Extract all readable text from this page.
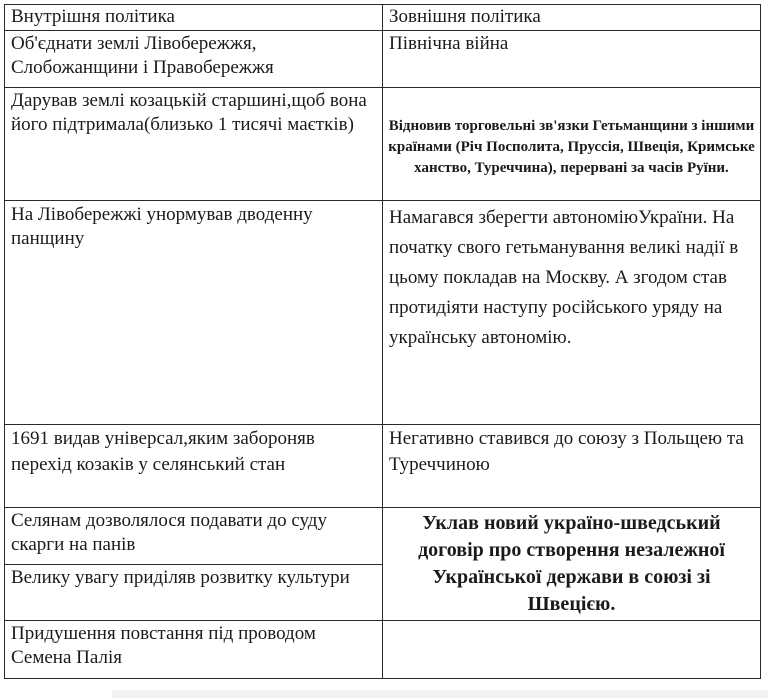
Внутрішня політика	Зовнішня політика
Об'єднати землі Лівобережжя, Слобожанщини і Правобережжя	Північна війна
Дарував землі козацькій старшині,щоб вона його підтримала(близько 1 тисячі маєтків)	Відновив торговельні зв'язки Гетьманщини з іншими країнами (Річ Посполита, Пруссія, Швеція, Кримське ханство, Туреччина), перервані за часів Руїни.
На Лівобережжі унормував дводенну панщину	Намагався зберегти автономіюУкраїни. На початку свого гетьманування великі надії в цьому покладав на Москву. А згодом став протидіяти наступу російського уряду на українську автономію.
1691 видав універсал,яким забороняв перехід козаків у селянський стан	Негативно ставився до союзу з Польщею та Туреччиною
Селянам дозволялося подавати до суду скарги на панів	Уклав новий україно-шведський договір про створення незалежної Української держави в союзі зі Швецією.
Велику увагу приділяв розвитку культури	
Придушення повстання під проводом Семена Палія	
